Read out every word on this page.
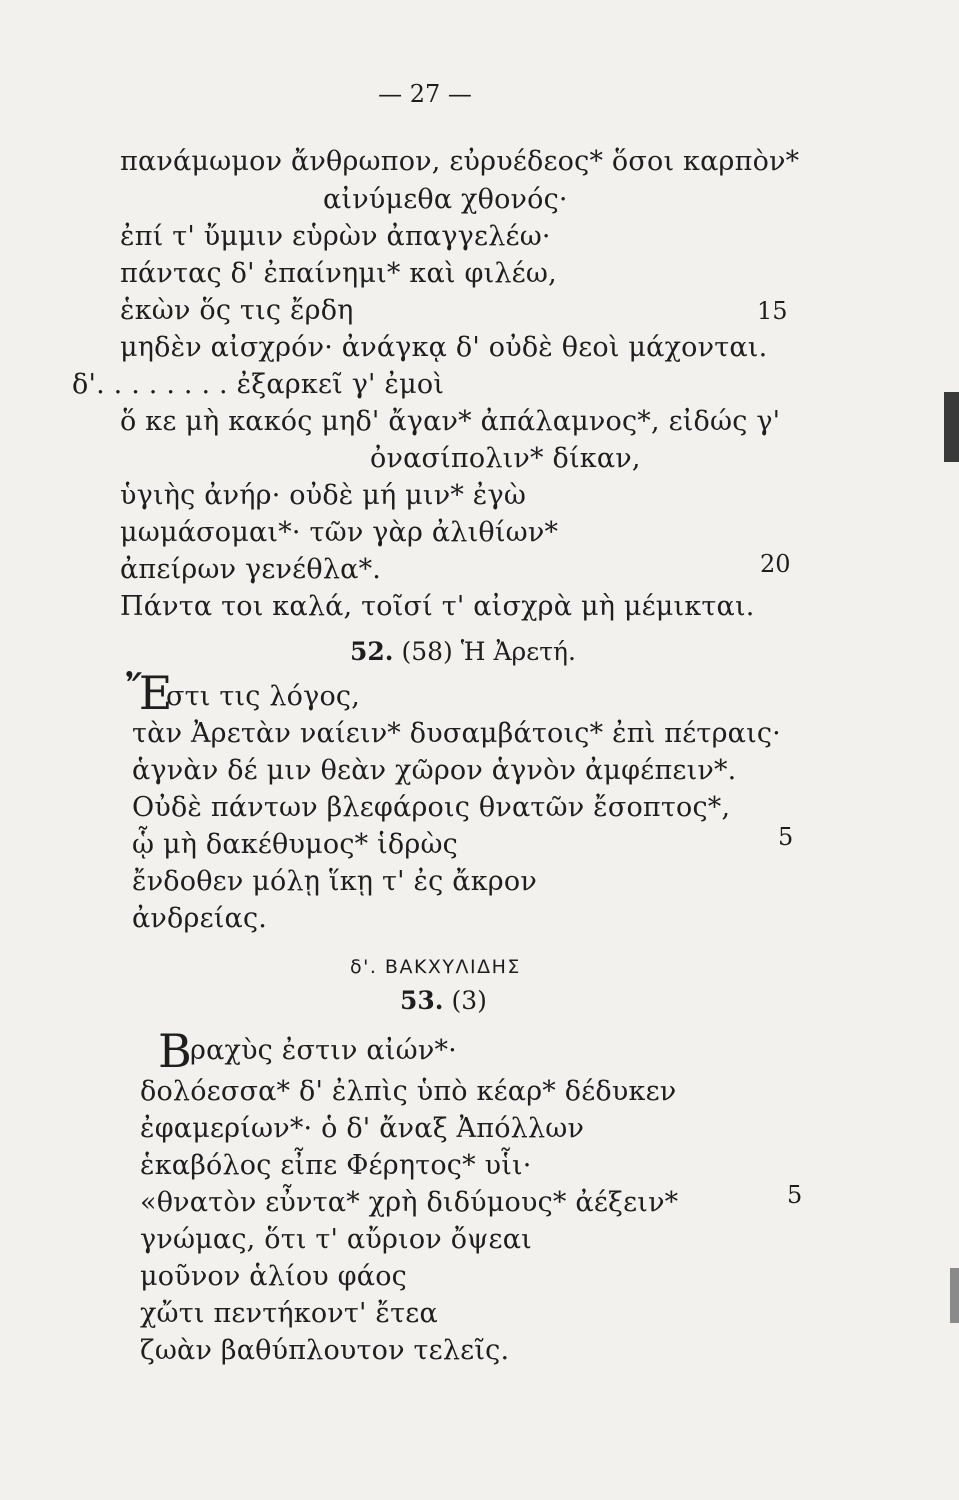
— 27 —
πανάμωμον ἄνθρωπον, εὐρυέδεος* ὅσοι καρπὸν*
αἰνύμεθα χθονός·
ἐπί τ' ὔμμιν εὑρὼν ἀπαγγελέω·
πάντας δ' ἐπαίνημι* καὶ φιλέω,
ἑκὼν ὅς τις ἔρδη	15
μηδὲν αἰσχρόν· ἀνάγκᾳ δ' οὐδὲ θεοὶ μάχονται.
δ'. . . . . . . . ἐξαρκεῖ γ' ἐμοὶ
ὅ κε μὴ κακός μηδ' ἄγαν* ἀπάλαμνος*, εἰδώς γ'
ὀνασίπολιν* δίκαν,
ὑγιὴς ἀνήρ· οὐδὲ μή μιν* ἐγὼ
μωμάσομαι*· τῶν γὰρ ἀλιθίων*
ἀπείρων γενέθλα*.	20
Πάντα τοι καλά, τοῖσί τ' αἰσχρὰ μὴ μέμικται.
52. (58) Ἡ Ἀρετή.
Ἔ
στι τις λόγος,
τὰν Ἀρετὰν ναίειν* δυσαμβάτοις* ἐπὶ πέτραις·
ἁγνὰν δέ μιν θεὰν χῶρον ἁγνὸν ἀμφέπειν*.
Οὐδὲ πάντων βλεφάροις θνατῶν ἔσοπτος*,
ᾧ μὴ δακέθυμος* ἱδρὼς	5
ἔνδοθεν μόλῃ ἵκῃ τ' ἐς ἄκρον
ἀνδρείας.
δ'. ΒΑΚΧΥΛΙΔΗΣ
53. (3)
Β
ραχὺς ἐστιν αἰών*·
δολόεσσα* δ' ἐλπὶς ὑπὸ κέαρ* δέδυκεν
ἐφαμερίων*· ὁ δ' ἄναξ Ἀπόλλων
ἑκαβόλος εἶπε Φέρητος* υἷι·
«θνατὸν εὖντα* χρὴ διδύμους* ἀέξειν*	5
γνώμας, ὅτι τ' αὔριον ὄψεαι
μοῦνον ἁλίου φάος
χὤτι πεντήκοντ' ἔτεα
ζωὰν βαθύπλουτον τελεῖς.
